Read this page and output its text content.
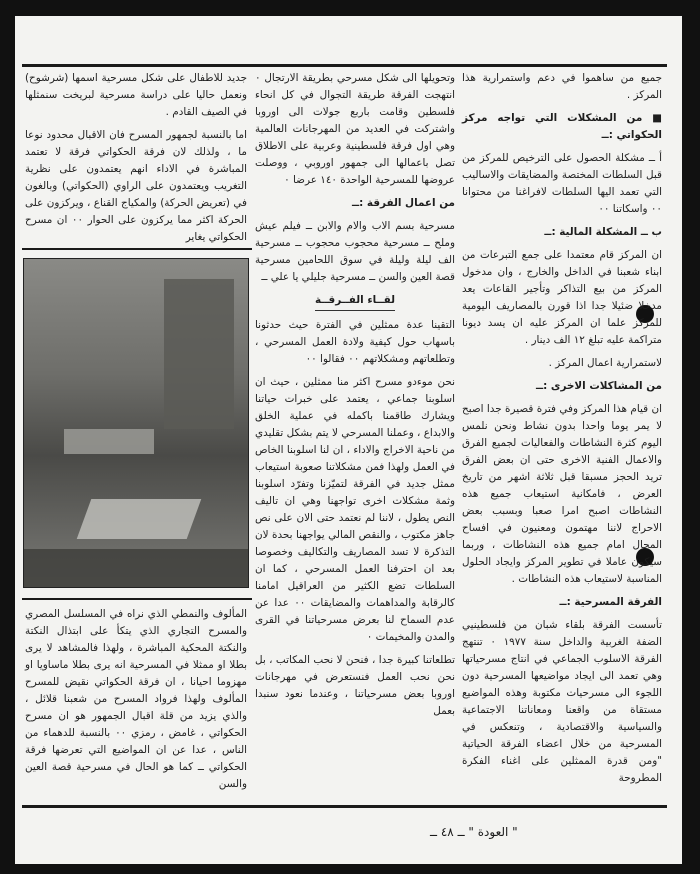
جميع من ساهموا في دعم واستمرارية هذا المركز .

■ من المشكلات التي تواجه مركز الحكواتي :ــ

أ ــ مشكلة الحصول على الترخيص للمركز من قبل السلطات المختصة والمضايقات والاساليب التي تعمد اليها السلطات لافراغنا من محتوانا ٠٠ واسكاتنا ٠٠

ب ــ المشكلة المالية :ــ

ان المركز قام معتمدا على جمع التبرعات من ابناء شعبنا في الداخل والخارج ، وان مدخول المركز من بيع التذاكر وتأجير القاعات يعد مدخلا ضئيلا جدا اذا قورن بالمصاريف اليومية للمركز علما ان المركز عليه ان يسد ديونا متراكمة عليه تبلغ ١٢ الف دينار .

لاستمرارية اعمال المركز .

من المشاكلات الاخرى :ــ

ان قيام هذا المركز وفي فترة قصيرة جدا اصبح لا يمر يوما واحدا بدون نشاط ونحن نلمس اليوم كثرة النشاطات والفعاليات لجميع الفرق والاعمال الفنية الاخرى حتى ان بعض الفرق تريد الحجز مسبقا قبل ثلاثة اشهر من تاريخ العرض ، فامكانية استيعاب جميع هذه النشاطات اصبح امرا صعبا وبسبب بعض الاحراج لاننا مهتمون ومعنيون في افساح المجال امام جميع هذه النشاطات ، وربما سيكون عاملا في تطوير المركز وايجاد الحلول المناسبة لاستيعاب هذه النشاطات .

الفرقة المسرحية :ــ

تأسست الفرقة بلقاء شبان من فلسطينيي الضفة الغربية والداخل سنة ١٩٧٧ ٠ تنتهج الفرقة الاسلوب الجماعي في انتاج مسرحياتها وهي تعمد الى ايجاد مواضيعها المسرحية دون اللجوء الى مسرحيات مكتوبة وهذه المواضيع مستقاة من واقعنا ومعاناتنا الاجتماعية والسياسية والاقتصادية ، وتنعكس في المسرحية من خلال اعضاء الفرقة الحياتية "ومن قدرة الممثلين على اغناء الفكرة المطروحة

وتحويلها الى شكل مسرحي بطريقة الارتجال ٠ انتهجت الفرقة طريقة التجوال في كل انحاء فلسطين وقامت باربع جولات الى اوروبا واشتركت في العديد من المهرجانات العالمية وهي اول فرقة فلسطينية وعربية على الاطلاق تصل باعمالها الى جمهور اوروبي ، ووصلت عروضها للمسرحية الواحدة ١٤٠ عرضا ٠

من اعمال الفرقة :ــ

مسرحية بسم الاب والام والابن ــ فيلم عيش وملح ــ مسرحية محجوب محجوب ــ مسرحية الف ليلة وليلة في سوق اللحامين مسرحية قصة العين والسن ــ مسرحية جليلي يا علي ــ

لقــاء الفــرقــة

التقينا عدة ممثلين في الفترة حيث حدثونا باسهاب حول كيفية ولادة العمل المسرحي ، وتطلعاتهم ومشكلاتهم ٠٠ فقالوا ٠٠

نحن موءدو مسرح اكثر منا ممثلين ، حيث ان اسلوبنا جماعي ، يعتمد على خبرات حياتنا ويشارك طاقمنا باكمله في عملية الخلق والابداع ، وعملنا المسرحي لا يتم بشكل تقليدي من ناحية الاخراج والاداء ، ان لنا اسلوبنا الخاص في العمل ولهذا فمن مشكلاتنا صعوبة استيعاب ممثل جديد في الفرقة لتميّزنا وتفرّد اسلوبنا وثمة مشكلات اخرى تواجهنا وهي ان تاليف النص يطول ، لاننا لم نعتمد حتى الان على نص جاهز مكتوب ، والنقص المالي يواجهنا بحدة لان التذكرة لا تسد المصاريف والتكاليف وخصوصا بعد ان احترفنا العمل المسرحي ، كما ان السلطات تضع الكثير من العراقيل امامنا كالرقابة والمداهمات والمضايقات ٠٠ عدا عن عدم السماح لنا بعرض مسرحياتنا في القرى والمدن والمخيمات ٠

تطلعاتنا كبيرة جدا ، فنحن لا نحب المكاتب ، بل نحن نحب العمل فنستعرض في مهرجانات اوروبا بعض مسرحياتنا ، وعندما نعود سنبدا بعمل

جديد للاطفال على شكل مسرحية اسمها (شرشوح) ونعمل حاليا على دراسة مسرحية لبريخت سنمثلها في الصيف القادم .

اما بالنسبة لجمهور المسرح فان الاقبال محدود نوعا ما ، ولذلك لان فرقة الحكواتي فرقة لا تعتمد المباشرة في الاداء انهم يعتمدون على نظرية التغريب ويعتمدون على الراوي (الحكواتي) وبالغون في (تعريض الحركة) والمكياج القناع ، ويركزون على الحركة اكثر مما يركزون على الحوار ٠٠ ان مسرح الحكواتي يغاير

المألوف والنمطي الذي نراه في المسلسل المصري والمسرح التجاري الذي يتكأ على ابتذال النكتة والنكتة المحكية المباشرة ، ولهذا فالمشاهد لا يرى بطلا او ممثلا في المسرحية انه يرى بطلا ماساويا او مهزوما احيانا ، ان فرقة الحكواتي نقيض للمسرح المألوف ولهذا فرواد المسرح من شعبنا قلائل ، والذي يزيد من قلة اقبال الجمهور هو ان مسرح الحكواتي ، غامض ، رمزي ٠٠ بالنسبة للدهماء من الناس ، عدا عن ان المواضيع التي تعرضها فرقة الحكواتي ــ كما هو الحال في مسرحية قصة العين والسن

" العودة " ــ ٤٨ ــ
